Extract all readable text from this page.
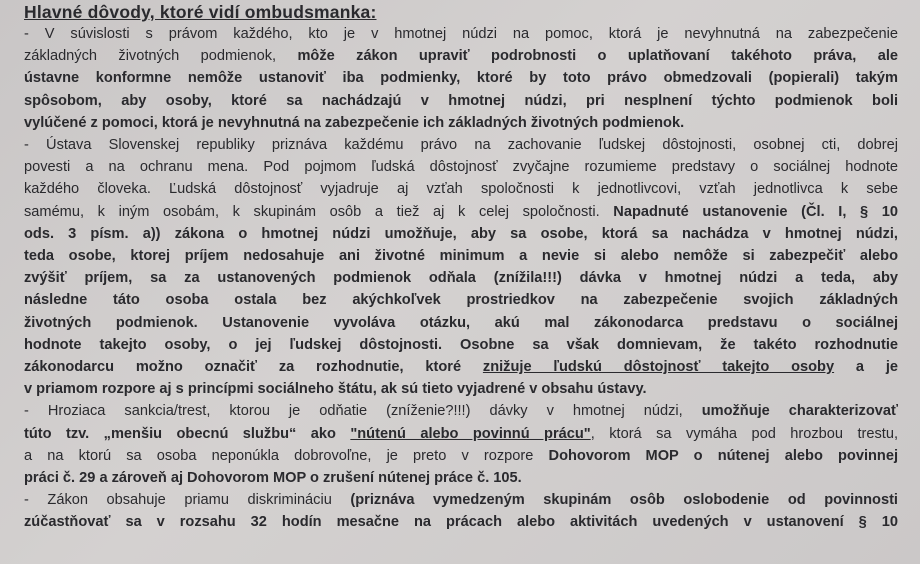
Hlavné dôvody, ktoré vidí ombudsmanka:
- V súvislosti s právom každého, kto je v hmotnej núdzi na pomoc, ktorá je nevyhnutná na zabezpečenie
základných životných podmienok, môže zákon upraviť podrobnosti o uplatňovaní takéhoto práva, ale
ústavne konformne nemôže ustanoviť iba podmienky, ktoré by toto právo obmedzovali (popierali) takým
spôsobom, aby osoby, ktoré sa nachádzajú v hmotnej núdzi, pri nesplnení týchto podmienok boli
vylúčené z pomoci, ktorá je nevyhnutná na zabezpečenie ich základných životných podmienok.
- Ústava Slovenskej republiky priznáva každému právo na zachovanie ľudskej dôstojnosti, osobnej cti, dobrej
povesti a na ochranu mena. Pod pojmom ľudská dôstojnosť zvyčajne rozumieme predstavy o sociálnej hodnote
každého človeka. Ľudská dôstojnosť vyjadruje aj vzťah spoločnosti k jednotlivcovi, vzťah jednotlivca k sebe
samému, k iným osobám, k skupinám osôb a tiež aj k celej spoločnosti. Napadnuté ustanovenie (Čl. I, § 10
ods. 3 písm. a)) zákona o hmotnej núdzi umožňuje, aby sa osobe, ktorá sa nachádza v hmotnej núdzi,
teda osobe, ktorej príjem nedosahuje ani životné minimum a nevie si alebo nemôže si zabezpečiť alebo
zvýšiť príjem, sa za ustanovených podmienok odňala (znížila!!!) dávka v hmotnej núdzi a teda, aby
následne táto osoba ostala bez akýchkoľvek prostriedkov na zabezpečenie svojich základných
životných podmienok. Ustanovenie vyvoláva otázku, akú mal zákonodarca predstavu o sociálnej
hodnote takejto osoby, o jej ľudskej dôstojnosti. Osobne sa však domnievam, že takéto rozhodnutie
zákonodarcu možno označiť za rozhodnutie, ktoré znižuje ľudskú dôstojnosť takejto osoby a je
v priamom rozpore aj s princípmi sociálneho štátu, ak sú tieto vyjadrené v obsahu ústavy.
- Hroziaca sankcia/trest, ktorou je odňatie (zníženie?!!!) dávky v hmotnej núdzi, umožňuje charakterizovať
túto tzv. „menšiu obecnú službu“ ako "nútenú alebo povinnú prácu", ktorá sa vymáha pod hrozbou trestu,
a na ktorú sa osoba neponúkla dobrovoľne, je preto v rozpore Dohovorom MOP o nútenej alebo povinnej
práci č. 29 a zároveň aj Dohovorom MOP o zrušení nútenej práce č. 105.
- Zákon obsahuje priamu diskrimináciu (priznáva vymedzeným skupinám osôb oslobodenie od povinnosti
zúčastňovať sa v rozsahu 32 hodín mesačne na prácach alebo aktivitách uvedených v ustanovení § 10
